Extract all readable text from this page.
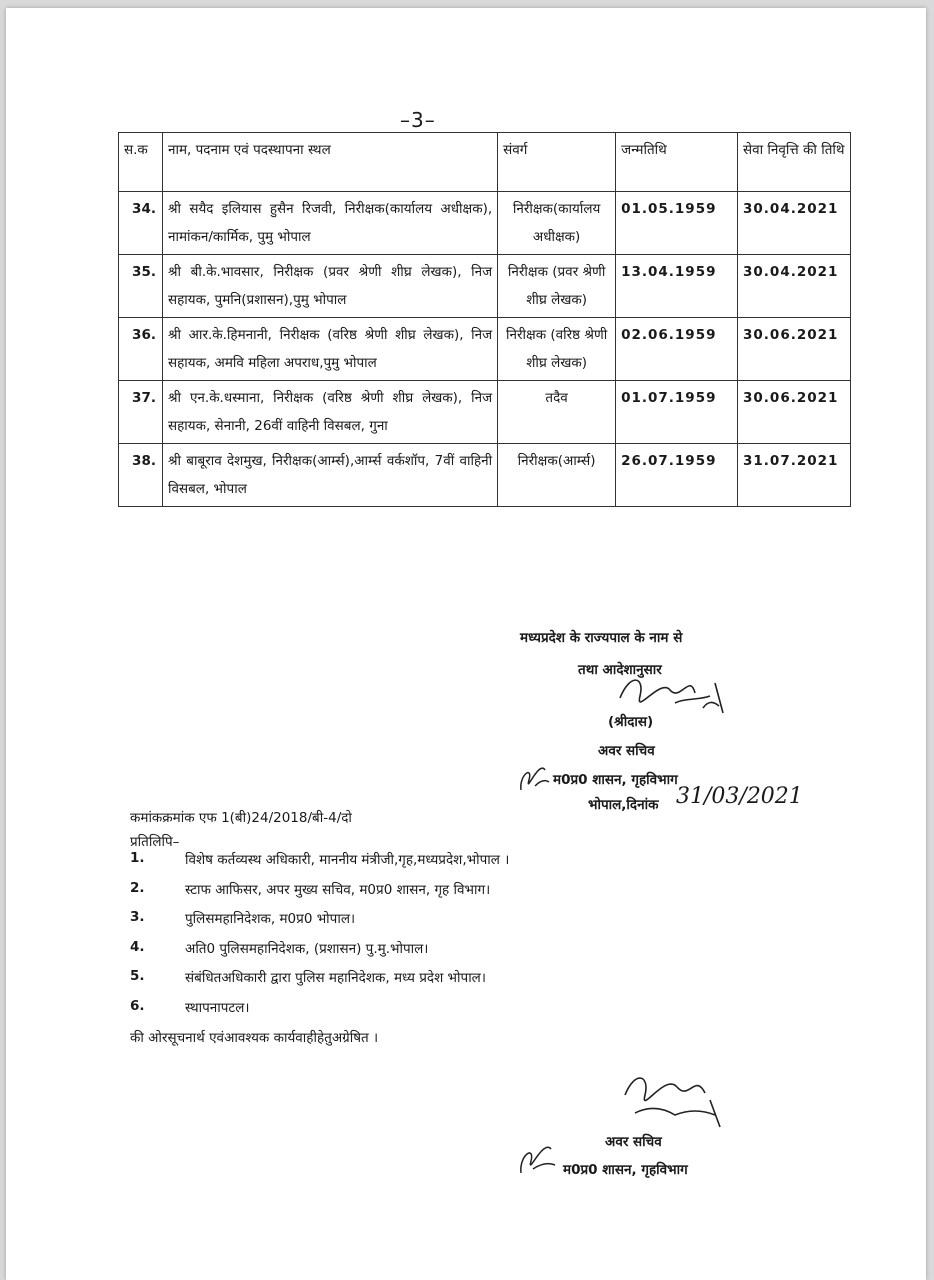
–3–
स.क	नाम, पदनाम एवं पदस्थापना स्थल	संवर्ग	जन्मतिथि	सेवा निवृत्ति की तिथि
34.	श्री सयैद इलियास हुसैन रिजवी, निरीक्षक(कार्यालय अधीक्षक), नामांकन/कार्मिक, पुमु भोपाल	निरीक्षक(कार्यालय अधीक्षक)	01.05.1959	30.04.2021
35.	श्री बी.के.भावसार, निरीक्षक (प्रवर श्रेणी शीघ्र लेखक), निज सहायक, पुमनि(प्रशासन),पुमु भोपाल	निरीक्षक (प्रवर श्रेणी शीघ्र लेखक)	13.04.1959	30.04.2021
36.	श्री आर.के.हिमनानी, निरीक्षक (वरिष्ठ श्रेणी शीघ्र लेखक), निज सहायक, अमवि महिला अपराध,पुमु भोपाल	निरीक्षक (वरिष्ठ श्रेणी शीघ्र लेखक)	02.06.1959	30.06.2021
37.	श्री एन.के.धस्माना, निरीक्षक (वरिष्ठ श्रेणी शीघ्र लेखक), निज सहायक, सेनानी, 26वीं वाहिनी विसबल, गुना	तदैव	01.07.1959	30.06.2021
38.	श्री बाबूराव देशमुख, निरीक्षक(आर्म्स),आर्म्स वर्कशॉप, 7वीं वाहिनी विसबल, भोपाल	निरीक्षक(आर्म्स)	26.07.1959	31.07.2021
मध्यप्रदेश के राज्यपाल के नाम से
तथा आदेशानुसार
(श्रीदास)
अवर सचिव
म0प्र0 शासन, गृहविभाग
भोपाल,दिनांक 31/03/2021
कमांकक्रमांक एफ 1(बी)24/2018/बी-4/दो
प्रतिलिपि–
1.	विशेष कर्तव्यस्थ अधिकारी, माननीय मंत्रीजी,गृह,मध्यप्रदेश,भोपाल ।
2.	स्टाफ आफिसर, अपर मुख्य सचिव, म0प्र0 शासन, गृह विभाग।
3.	पुलिसमहानिदेशक, म0प्र0 भोपाल।
4.	अति0 पुलिसमहानिदेशक, (प्रशासन) पु.मु.भोपाल।
5.	संबंधितअधिकारी द्वारा पुलिस महानिदेशक, मध्य प्रदेश भोपाल।
6.	स्थापनापटल।
की ओरसूचनार्थ एवंआवश्यक कार्यवाहीहेतुअग्रेषित ।
अवर सचिव
म0प्र0 शासन, गृहविभाग
